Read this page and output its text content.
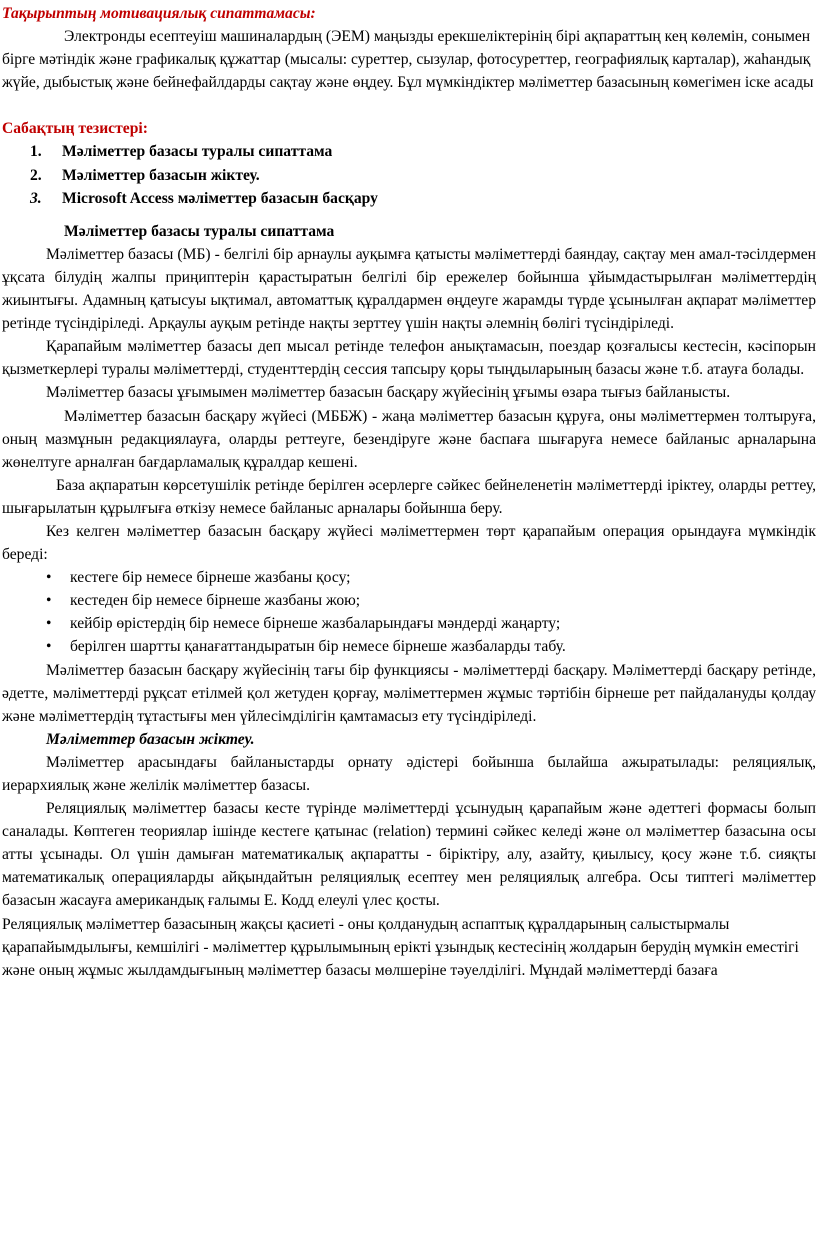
Тақырыптың мотивациялық сипаттамасы:

Электронды есептеуіш машиналардың (ЭЕМ) маңызды ерекшеліктерінің бірі ақпараттың кең көлемін, сонымен бірге мәтіндік және графикалық құжаттар (мысалы: суреттер, сызулар, фотосуреттер, географиялық карталар), жаһандық жүйе, дыбыстық және бейнефайлдарды сақтау және өңдеу. Бұл мүмкіндіктер мәліметтер базасының көмегімен іске асады

Сабақтың тезистері:

1.	Мәліметтер базасы туралы сипаттама
2.	Мәліметтер базасын жіктеу.
3.	Microsoft Access мәліметтер базасын басқару

Мәліметтер базасы туралы сипаттама

Мәліметтер базасы (МБ) - белгілі бір арнаулы ауқымға қатысты мәліметтерді баяндау, сақтау мен амал-тәсілдермен ұқсата білудің жалпы приңиптерін қарастыратын белгілі бір ережелер бойынша ұйымдастырылған мәліметтердің жиынтығы. Адамның қатысуы ықтимал, автоматтық құралдармен өңдеуге жарамды түрде ұсынылған ақпарат мәліметтер ретінде түсіндіріледі. Арқаулы ауқым ретінде нақты зерттеу үшін нақты әлемнің бөлігі түсіндіріледі.

Қарапайым мәліметтер базасы деп мысал ретінде телефон анықтамасын, поездар қозғалысы кестесін, кәсіпорын қызметкерлері туралы мәліметтерді, студенттердің сессия тапсыру қоры тыңдыларының базасы және т.б. атауға болады.

Мәліметтер базасы ұғымымен мәліметтер базасын басқару жүйесінің ұғымы өзара тығыз байланысты.

Мәліметтер базасын басқару жүйесі (МББЖ) - жаңа мәліметтер базасын құруға, оны мәліметтермен толтыруға, оның мазмұнын редакциялауға, оларды реттеуге, безендіруге және баспаға шығаруға немесе байланыс арналарына жөнелтуге арналған бағдарламалық құралдар кешені.

База ақпаратын көрсетушілік ретінде берілген әсерлерге сәйкес бейнеленетін мәліметтерді іріктеу, оларды реттеу, шығарылатын құрылғыға өткізу немесе байланыс арналары бойынша беру.

Кез келген мәліметтер базасын басқару жүйесі мәліметтермен төрт қарапайым операция орындауға мүмкіндік береді:

• кестеге бір немесе бірнеше жазбаны қосу;
• кестеден бір немесе бірнеше жазбаны жою;
• кейбір өрістердің бір немесе бірнеше жазбаларындағы мәндерді жаңарту;
• берілген шартты қанағаттандыратын бір немесе бірнеше жазбаларды табу.

Мәліметтер базасын басқару жүйесінің тағы бір функциясы - мәліметтерді басқару. Мәліметтерді басқару ретінде, әдетте, мәліметтерді рұқсат етілмей қол жетуден қорғау, мәліметтермен жұмыс тәртібін бірнеше рет пайдалануды қолдау және мәліметтердің тұтастығы мен үйлесімділігін қамтамасыз ету түсіндіріледі.

Мәліметтер базасын жіктеу.

Мәліметтер арасындағы байланыстарды орнату әдістері бойынша былайша ажыратылады: реляциялық, иерархиялық және желілік мәліметтер базасы.

Реляциялық мәліметтер базасы кесте түрінде мәліметтерді ұсынудың қарапайым және әдеттегі формасы болып саналады. Көптеген теориялар ішінде кестеге қатынас (relation) термині сәйкес келеді және ол мәліметтер базасына осы атты ұсынады. Ол үшін дамыған математикалық ақпаратты - біріктіру, алу, азайту, қиылысу, қосу және т.б. сияқты математикалық операцияларды айқындайтын реляциялық есептеу мен реляциялық алгебра. Осы типтегі мәліметтер базасын жасауға американдық ғалымы Е. Кодд елеулі үлес қосты.

Реляциялық мәліметтер базасының жақсы қасиеті - оны қолданудың аспаптық құралдарының салыстырмалы қарапайымдылығы, кемшілігі - мәліметтер құрылымының ерікті ұзындық кестесінің жолдарын берудің мүмкін еместігі және оның жұмыс жылдамдығының мәліметтер базасы мөлшеріне тәуелділігі. Мұндай мәліметтерді базаға
